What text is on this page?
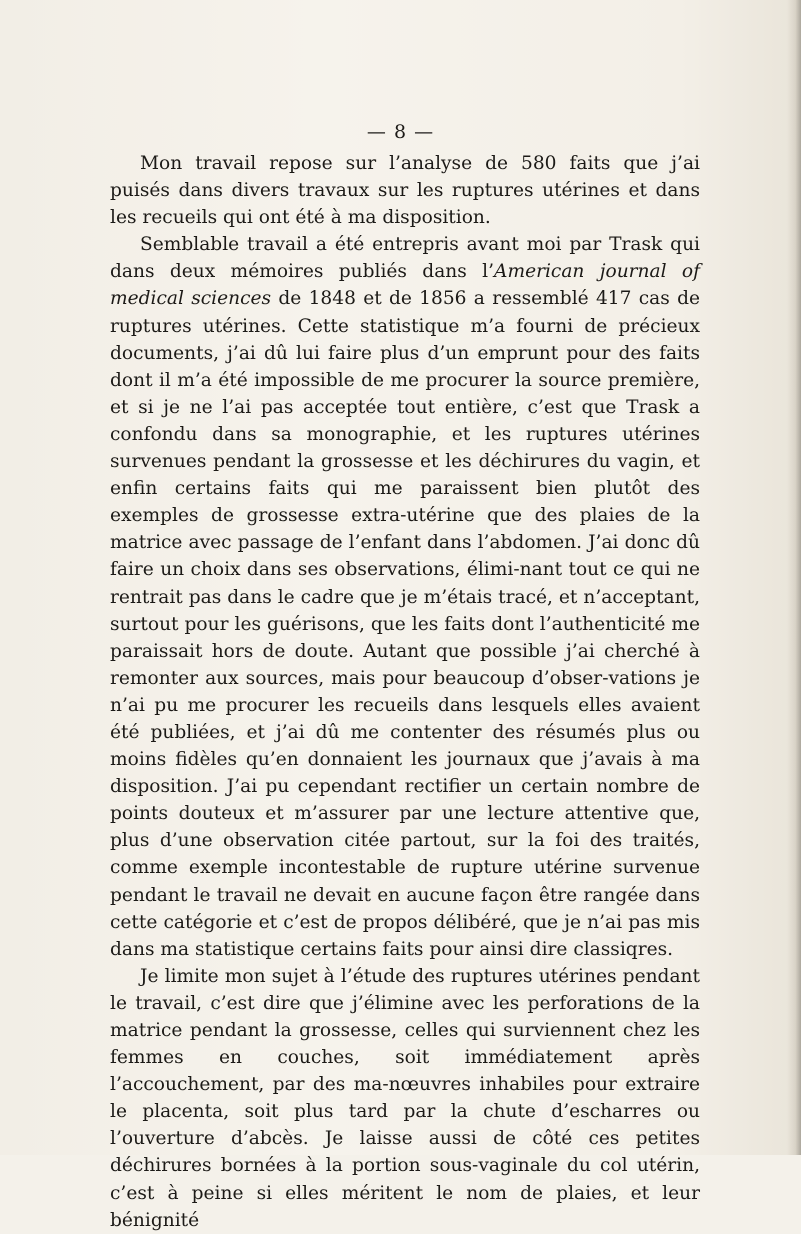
— 8 —

Mon travail repose sur l’analyse de 580 faits que j’ai puisés dans divers travaux sur les ruptures utérines et dans les recueils qui ont été à ma disposition.

Semblable travail a été entrepris avant moi par Trask qui dans deux mémoires publiés dans l’American journal of medical sciences de 1848 et de 1856 a ressemblé 417 cas de ruptures utérines. Cette statistique m’a fourni de précieux documents, j’ai dû lui faire plus d’un emprunt pour des faits dont il m’a été impossible de me procurer la source première, et si je ne l’ai pas acceptée tout entière, c’est que Trask a confondu dans sa monographie, et les ruptures utérines survenues pendant la grossesse et les déchirures du vagin, et enfin certains faits qui me paraissent bien plutôt des exemples de grossesse extra-utérine que des plaies de la matrice avec passage de l’enfant dans l’abdomen. J’ai donc dû faire un choix dans ses observations, élimi-nant tout ce qui ne rentrait pas dans le cadre que je m’étais tracé, et n’acceptant, surtout pour les guérisons, que les faits dont l’authenticité me paraissait hors de doute. Autant que possible j’ai cherché à remonter aux sources, mais pour beaucoup d’obser-vations je n’ai pu me procurer les recueils dans lesquels elles avaient été publiées, et j’ai dû me contenter des résumés plus ou moins fidèles qu’en donnaient les journaux que j’avais à ma disposition. J’ai pu cependant rectifier un certain nombre de points douteux et m’assurer par une lecture attentive que, plus d’une observation citée partout, sur la foi des traités, comme exemple incontestable de rupture utérine survenue pendant le travail ne devait en aucune façon être rangée dans cette catégorie et c’est de propos délibéré, que je n’ai pas mis dans ma statistique certains faits pour ainsi dire classiqres.

Je limite mon sujet à l’étude des ruptures utérines pendant le travail, c’est dire que j’élimine avec les perforations de la matrice pendant la grossesse, celles qui surviennent chez les femmes en couches, soit immédiatement après l’accouchement, par des ma-nœuvres inhabiles pour extraire le placenta, soit plus tard par la chute d’escharres ou l’ouverture d’abcès. Je laisse aussi de côté ces petites déchirures bornées à la portion sous-vaginale du col utérin, c’est à peine si elles méritent le nom de plaies, et leur bénignité
